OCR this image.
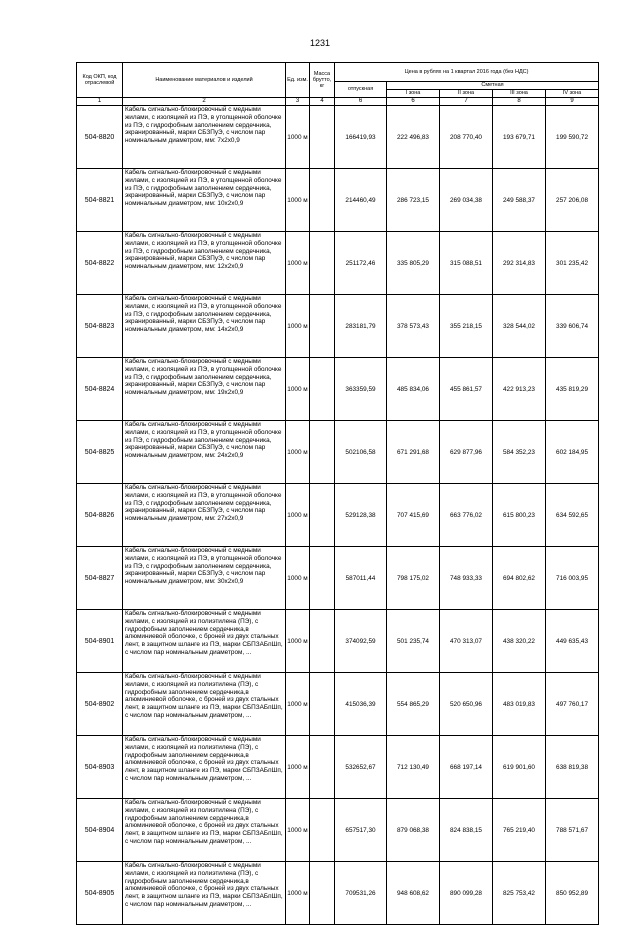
1231
Код ОКП, код отраслевой	Наименование материалов и изделий	Ед. изм.	Масса брутто, кг	Цена в рублях на 1 квартал 2016 года (без НДС)				
				отпускная	Сметная			
					I зона	II зона	III зона	IV зона
1	2	3	4	6	6	7	8	9
504-8820	Кабель сигнально-блокировочный с медными жилами, с изоляцией из ПЭ, в утолщенной оболочке из ПЭ, с гидрофобным заполнением сердечника, экранированный, марки СБЗПуЭ, с числом пар номинальным диаметром, мм: 7х2х0,9	1000 м		166419,93	222 496,83	208 770,40	193 679,71	199 590,72
504-8821	Кабель сигнально-блокировочный с медными жилами, с изоляцией из ПЭ, в утолщенной оболочке из ПЭ, с гидрофобным заполнением сердечника, экранированный, марки СБЗПуЭ, с числом пар номинальным диаметром, мм: 10х2х0,9	1000 м		214460,49	286 723,15	269 034,38	249 588,37	257 206,08
504-8822	Кабель сигнально-блокировочный с медными жилами, с изоляцией из ПЭ, в утолщенной оболочке из ПЭ, с гидрофобным заполнением сердечника, экранированный, марки СБЗПуЭ, с числом пар номинальным диаметром, мм: 12х2х0,9	1000 м		251172,46	335 805,29	315 088,51	292 314,83	301 235,42
504-8823	Кабель сигнально-блокировочный с медными жилами, с изоляцией из ПЭ, в утолщенной оболочке из ПЭ, с гидрофобным заполнением сердечника, экранированный, марки СБЗПуЭ, с числом пар номинальным диаметром, мм: 14х2х0,9	1000 м		283181,79	378 573,43	355 218,15	328 544,02	339 606,74
504-8824	Кабель сигнально-блокировочный с медными жилами, с изоляцией из ПЭ, в утолщенной оболочке из ПЭ, с гидрофобным заполнением сердечника, экранированный, марки СБЗПуЭ, с числом пар номинальным диаметром, мм: 19х2х0,9	1000 м		363359,59	485 834,06	455 861,57	422 913,23	435 819,29
504-8825	Кабель сигнально-блокировочный с медными жилами, с изоляцией из ПЭ, в утолщенной оболочке из ПЭ, с гидрофобным заполнением сердечника, экранированный, марки СБЗПуЭ, с числом пар номинальным диаметром, мм: 24х2х0,9	1000 м		502106,58	671 291,68	629 877,96	584 352,23	602 184,95
504-8826	Кабель сигнально-блокировочный с медными жилами, с изоляцией из ПЭ, в утолщенной оболочке из ПЭ, с гидрофобным заполнением сердечника, экранированный, марки СБЗПуЭ, с числом пар номинальным диаметром, мм: 27х2х0,9	1000 м		529128,38	707 415,69	663 776,02	615 800,23	634 592,65
504-8827	Кабель сигнально-блокировочный с медными жилами, с изоляцией из ПЭ, в утолщенной оболочке из ПЭ, с гидрофобным заполнением сердечника, экранированный, марки СБЗПуЭ, с числом пар номинальным диаметром, мм: 30х2х0,9	1000 м		587011,44	798 175,02	748 933,33	694 802,62	716 003,95
504-8901	Кабель сигнально-блокировочный с медными жилами, с изоляцией из полиэтилена (ПЭ), с гидрофобным заполнением сердечника,в алюминиевой оболочке, с броней из двух стальных лент, в защитном шланге из ПЭ, марки СБПЗАБпШп, с числом пар номинальным диаметром, ...	1000 м		374092,59	501 235,74	470 313,07	438 320,22	449 635,43
504-8902	Кабель сигнально-блокировочный с медными жилами, с изоляцией из полиэтилена (ПЭ), с гидрофобным заполнением сердечника,в алюминиевой оболочке, с броней из двух стальных лент, в защитном шланге из ПЭ, марки СБПЗАБпШп, с числом пар номинальным диаметром, ...	1000 м		415036,39	554 865,29	520 650,96	483 019,83	497 760,17
504-8903	Кабель сигнально-блокировочный с медными жилами, с изоляцией из полиэтилена (ПЭ), с гидрофобным заполнением сердечника,в алюминиевой оболочке, с броней из двух стальных лент, в защитном шланге из ПЭ, марки СБПЗАБпШп, с числом пар номинальным диаметром, ...	1000 м		532652,67	712 130,49	668 197,14	619 901,60	638 819,38
504-8904	Кабель сигнально-блокировочный с медными жилами, с изоляцией из полиэтилена (ПЭ), с гидрофобным заполнением сердечника,в алюминиевой оболочке, с броней из двух стальных лент, в защитном шланге из ПЭ, марки СБПЗАБпШп, с числом пар номинальным диаметром, ...	1000 м		657517,30	879 068,38	824 838,15	765 219,40	788 571,67
504-8905	Кабель сигнально-блокировочный с медными жилами, с изоляцией из полиэтилена (ПЭ), с гидрофобным заполнением сердечника,в алюминиевой оболочке, с броней из двух стальных лент, в защитном шланге из ПЭ, марки СБПЗАБпШп, с числом пар номинальным диаметром, ...	1000 м		709531,26	948 608,62	890 099,28	825 753,42	850 952,89
